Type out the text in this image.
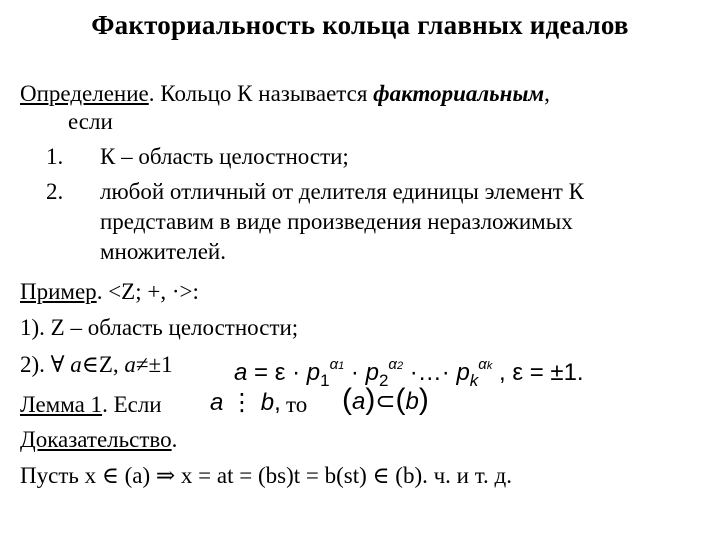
Факториальность кольца главных идеалов
Определение. Кольцо К называется факториальным,
если
1. К – область целостности;
2. любой отличный от делителя единицы элемент К
представим в виде произведения неразложимых
множителей.
Пример. <Z; +, ·>:
1). Z – область целостности;
2). ∀ a∈Z, a≠±1	$a = \varepsilon \cdot p_1^{\alpha 1} \cdot p_2^{\alpha 2}$ ·…· $p_k^{\alpha k}$ , ε = ±1.
Лемма 1. Если a ⋮ b, то (a)⊂(b)
Доказательство.
Пусть x ∈ (a) ⇒ x = at = (bs)t = b(st) ∈ (b). ч. и т. д.
